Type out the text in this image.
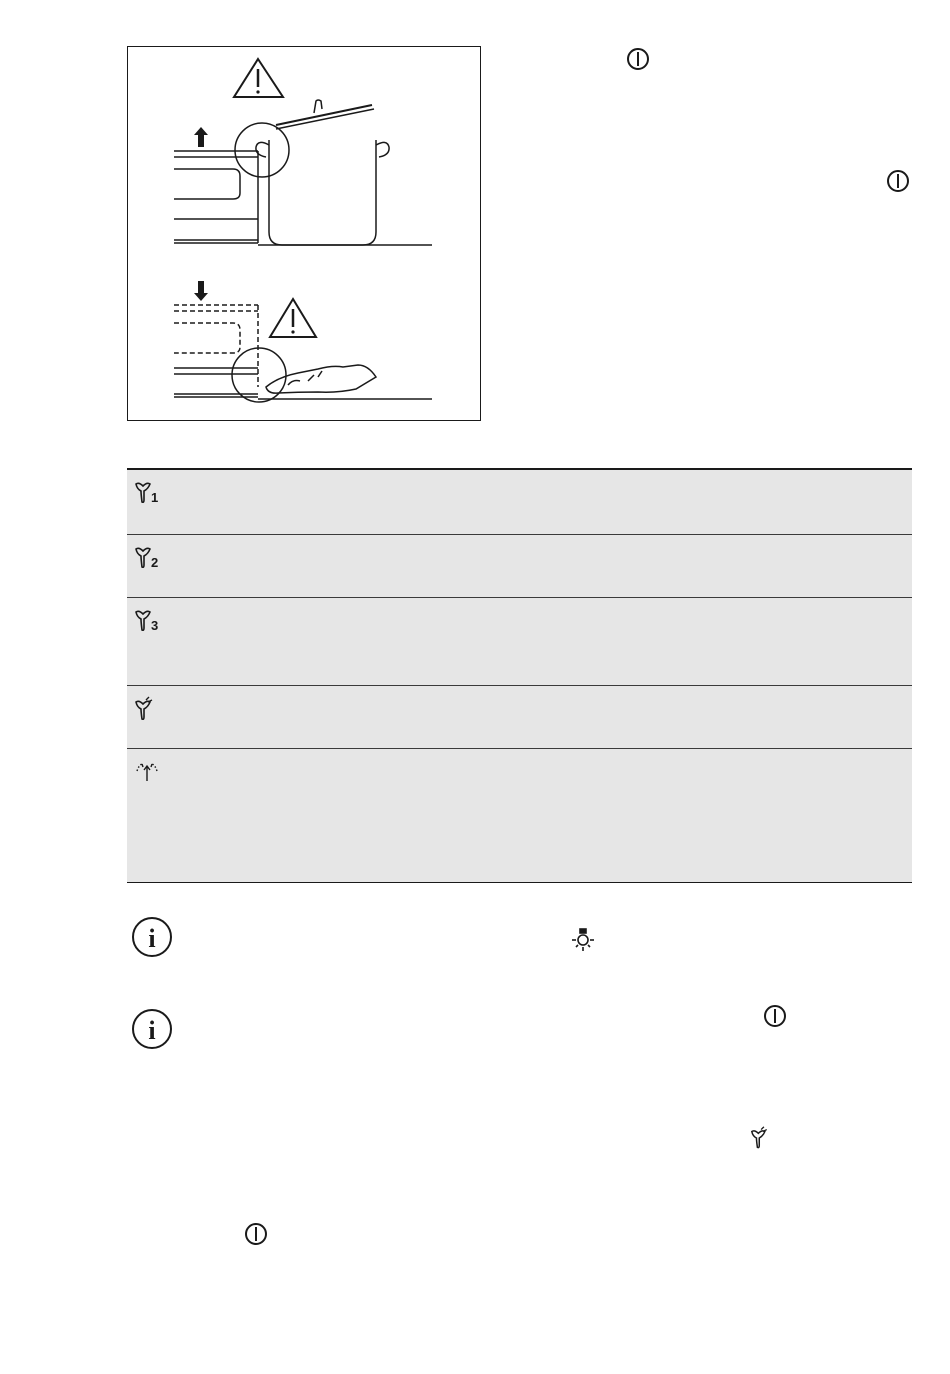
1
2
3
i
i
